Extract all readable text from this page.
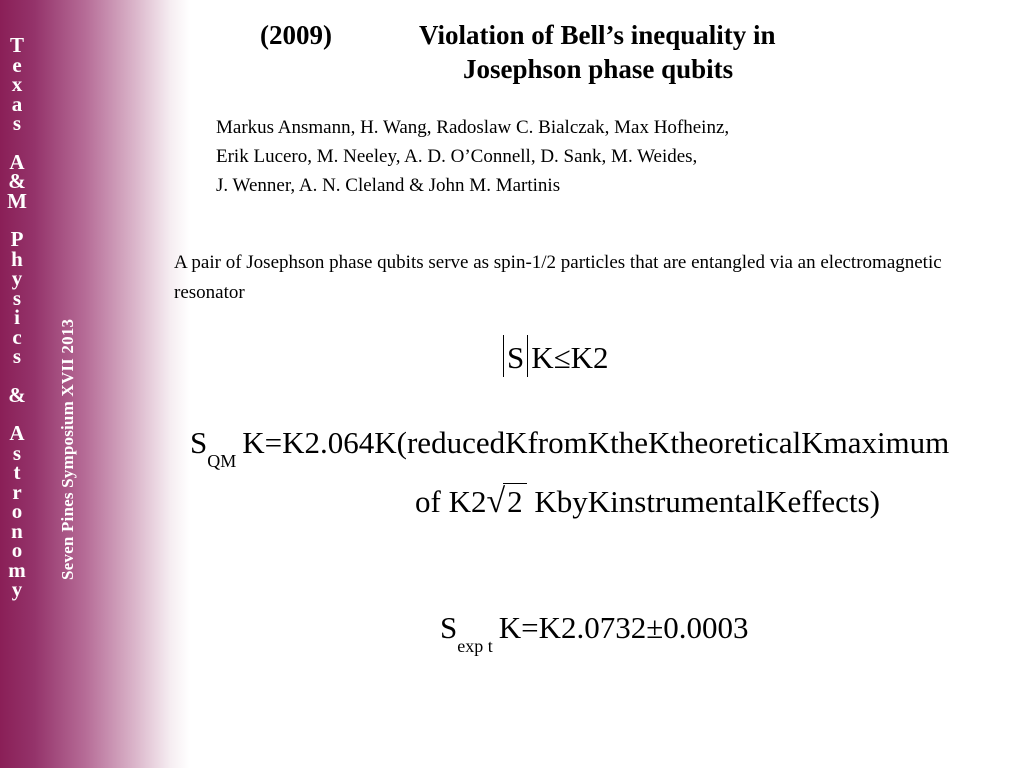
T
e
x
a
s
A
&
M
P
h
y
s
i
c
s
&
A
s
t
r
o
n
o
m
y
Seven Pines Symposium XVII 2013
(2009)	Violation of Bell’s inequality in
Josephson phase qubits
Markus Ansmann, H. Wang, Radoslaw C. Bialczak, Max Hofheinz,
Erik Lucero, M. Neeley, A. D. O’Connell, D. Sank, M. Weides,
J. Wenner, A. N. Cleland & John M. Martinis
A pair of Josephson phase qubits serve as spin-1/2 particles that are entangled via an electromagnetic resonator
S K≤K2
$S_{QM}K=K2.064K(reducedKfromKtheKtheoreticalKmaximum$
of K2√2 KbyKinstrumentalKeffects)
$S_{exp t}K=K2.0732\pm 0.0003$
